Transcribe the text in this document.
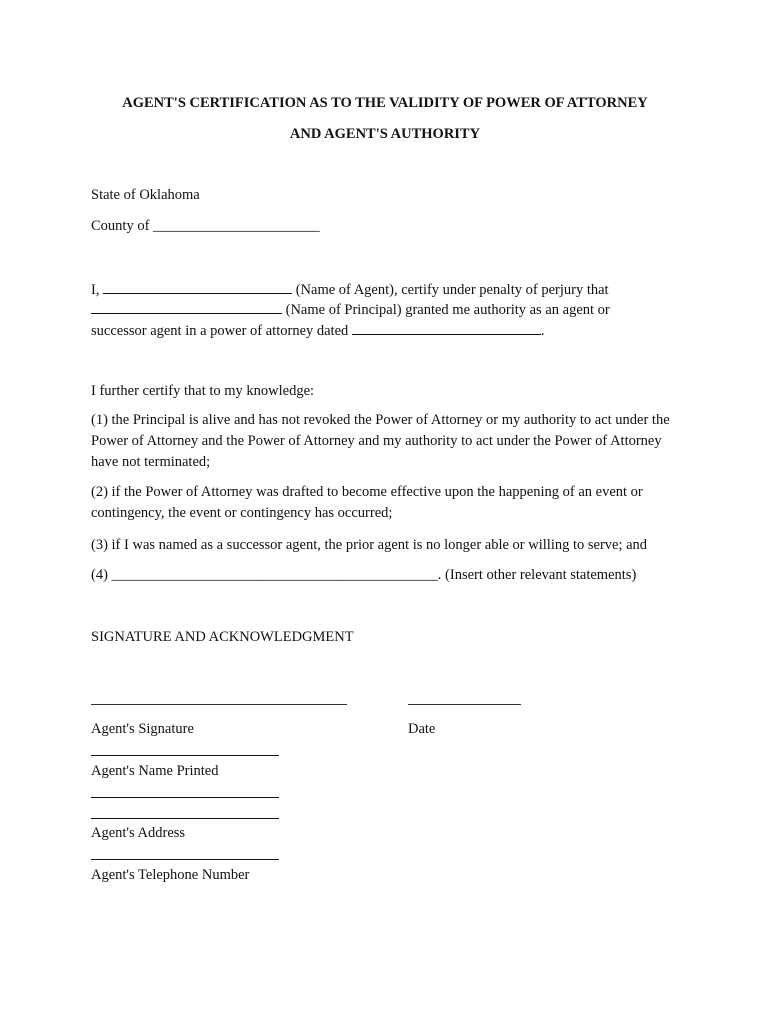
AGENT'S CERTIFICATION AS TO THE VALIDITY OF POWER OF ATTORNEY
AND AGENT'S AUTHORITY
State of Oklahoma
County of _______________________
I,	(Name of Agent), certify under penalty of perjury that
(Name of Principal) granted me authority as an agent or
successor agent in a power of attorney dated	.
I further certify that to my knowledge:
(1) the Principal is alive and has not revoked the Power of Attorney or my authority to act under the Power of Attorney and the Power of Attorney and my authority to act under the Power of Attorney have not terminated;
(2) if the Power of Attorney was drafted to become effective upon the happening of an event or contingency, the event or contingency has occurred;
(3) if I was named as a successor agent, the prior agent is no longer able or willing to serve; and
(4) _____________________________________________. (Insert other relevant statements)
SIGNATURE AND ACKNOWLEDGMENT
Agent's Signature	Date
Agent's Name Printed
Agent's Address
Agent's Telephone Number
